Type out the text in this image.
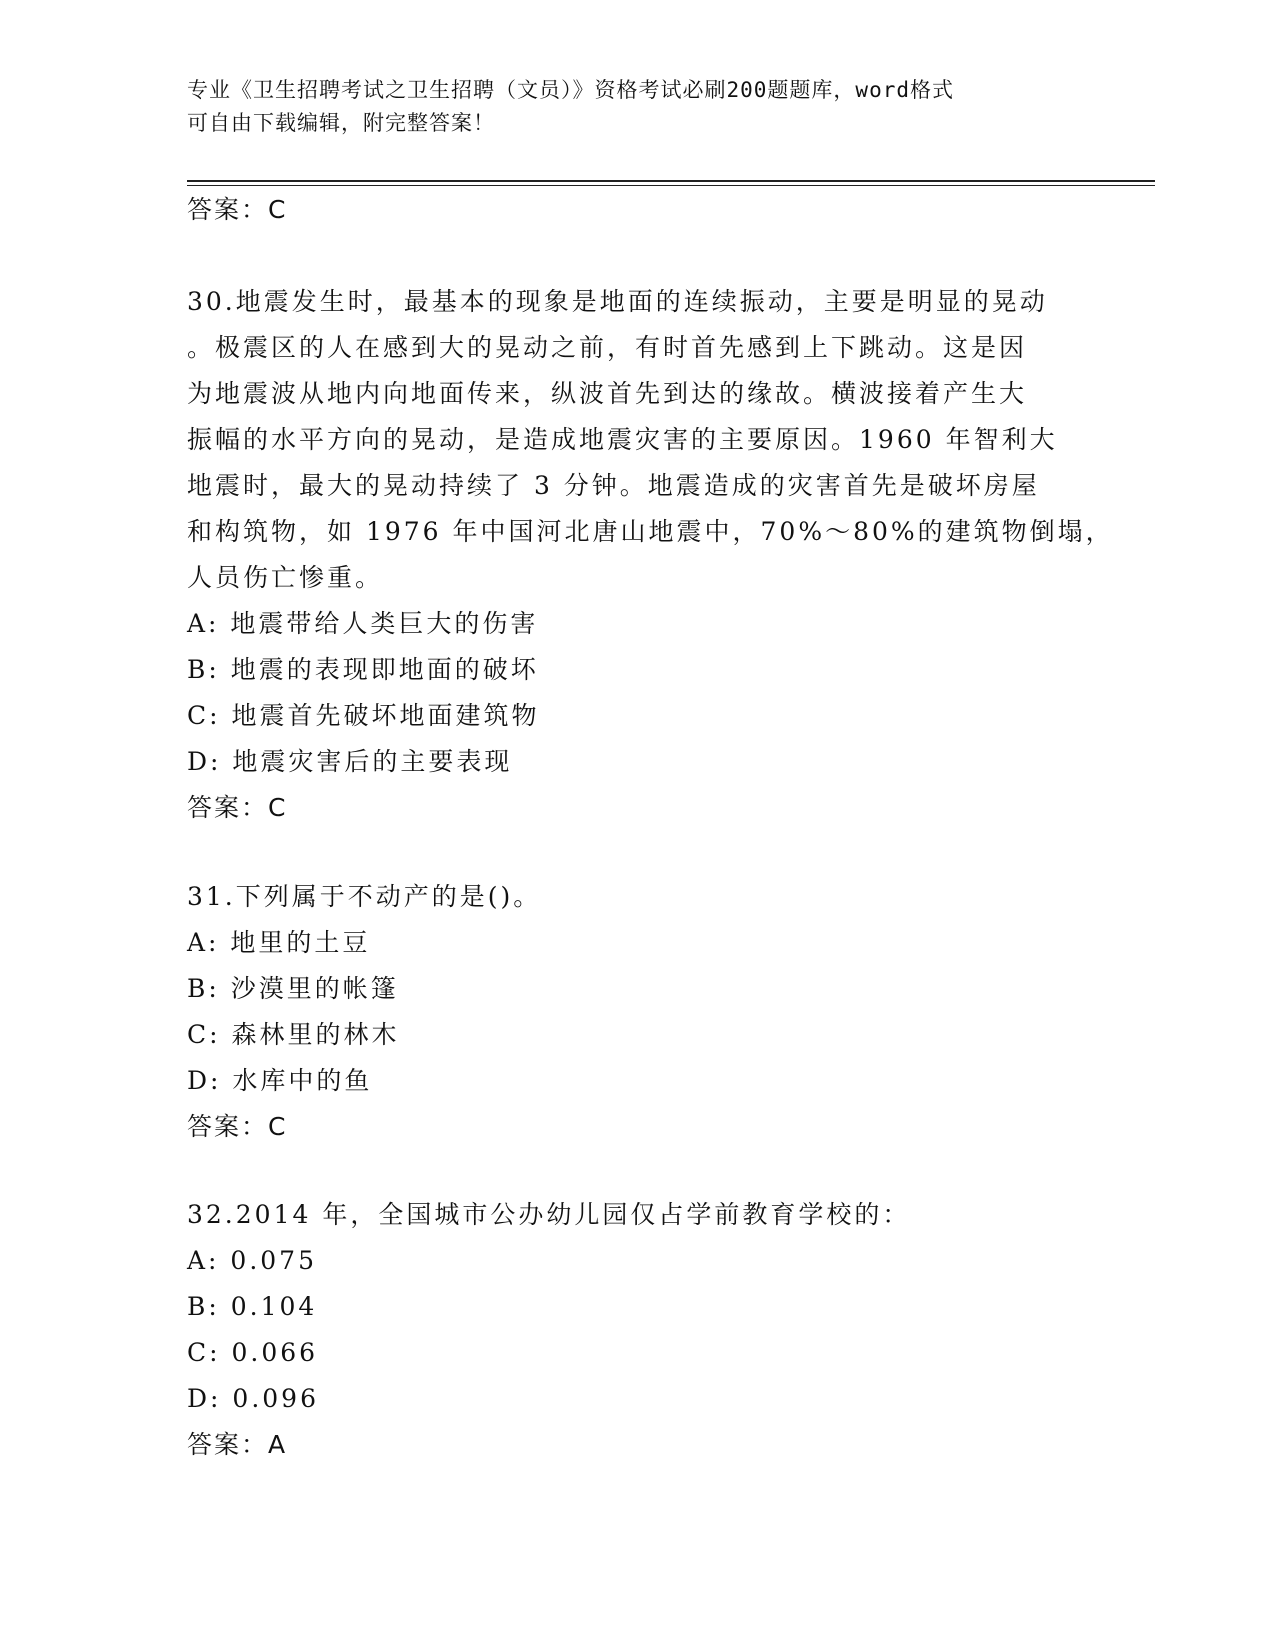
专业《卫生招聘考试之卫生招聘（文员）》资格考试必刷200题题库，word格式
可自由下载编辑，附完整答案！
答案：C
30.地震发生时，最基本的现象是地面的连续振动，主要是明显的晃动
。极震区的人在感到大的晃动之前，有时首先感到上下跳动。这是因
为地震波从地内向地面传来，纵波首先到达的缘故。横波接着产生大
振幅的水平方向的晃动，是造成地震灾害的主要原因。1960 年智利大
地震时，最大的晃动持续了 3 分钟。地震造成的灾害首先是破坏房屋
和构筑物，如 1976 年中国河北唐山地震中，70%～80%的建筑物倒塌，
人员伤亡惨重。
A: 地震带给人类巨大的伤害
B: 地震的表现即地面的破坏
C: 地震首先破坏地面建筑物
D: 地震灾害后的主要表现
答案：C
31.下列属于不动产的是()。
A: 地里的土豆
B: 沙漠里的帐篷
C: 森林里的林木
D: 水库中的鱼
答案：C
32.2014 年，全国城市公办幼儿园仅占学前教育学校的：
A: 0.075
B: 0.104
C: 0.066
D: 0.096
答案：A
